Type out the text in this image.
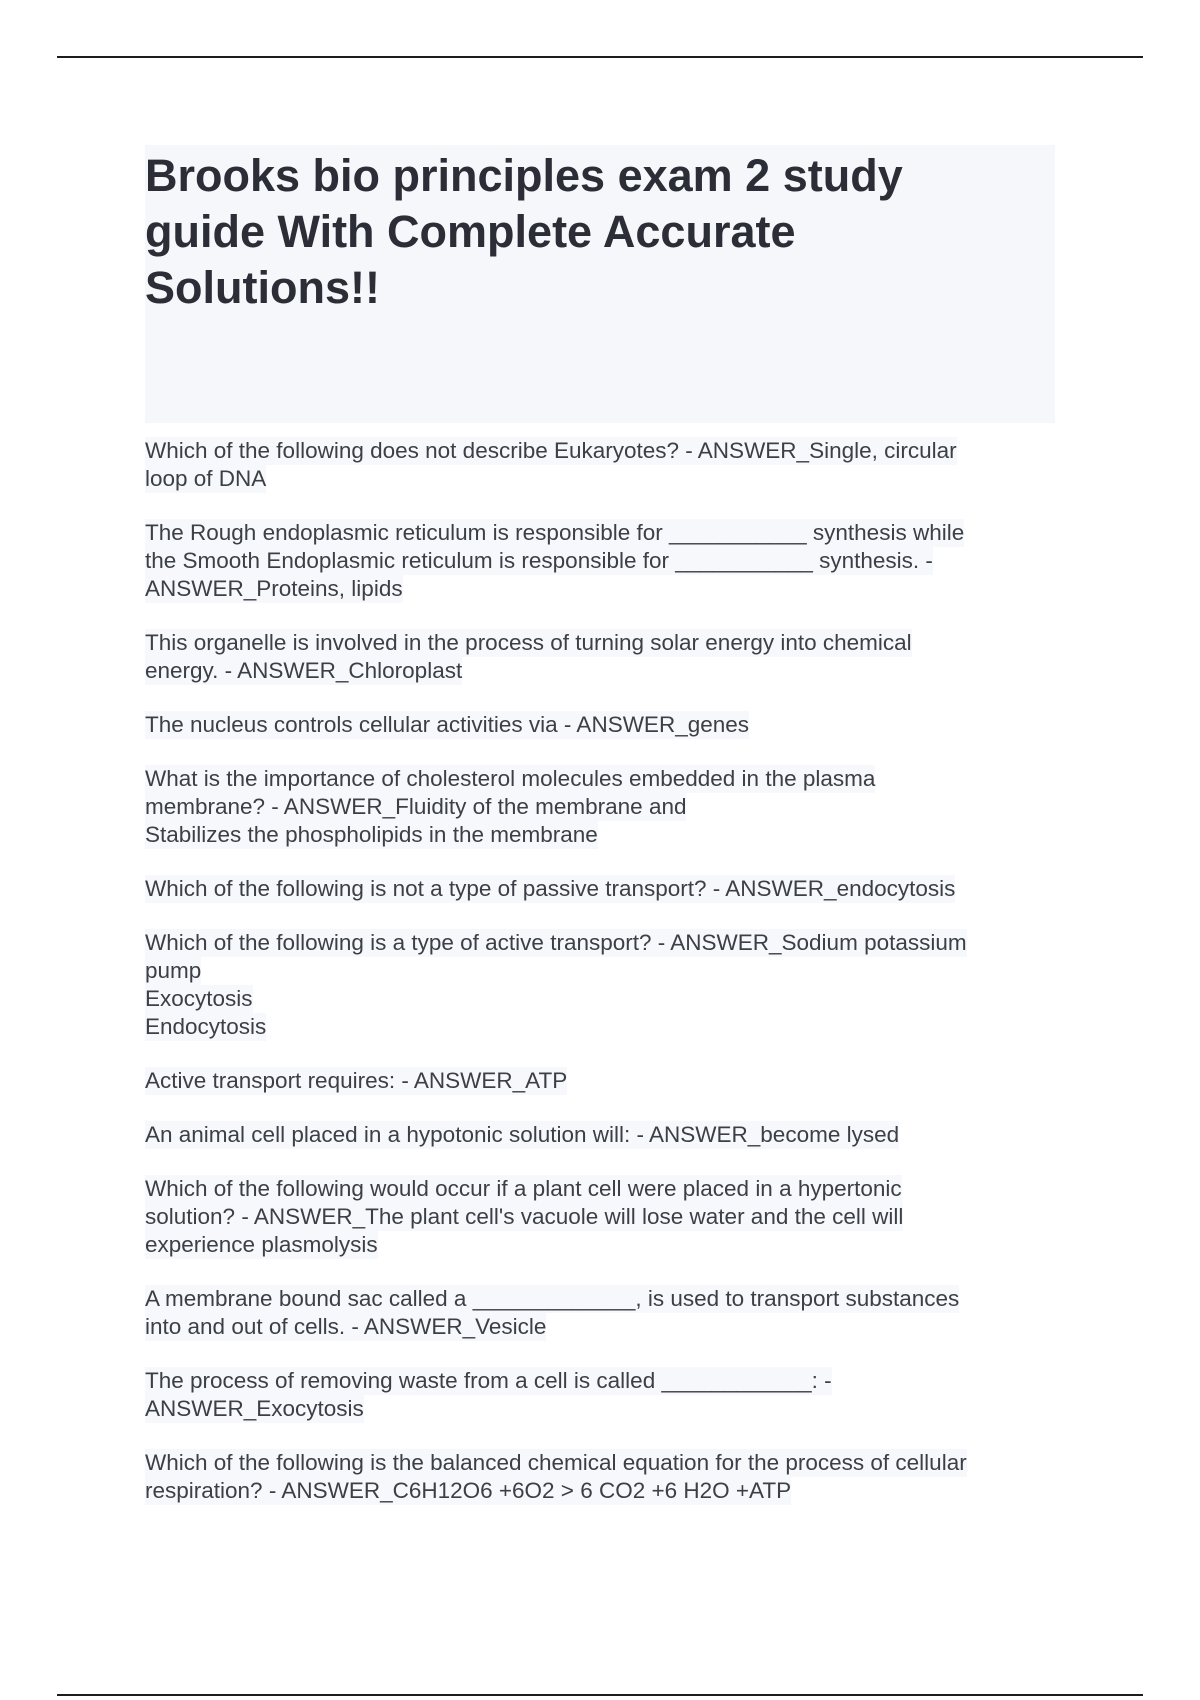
Brooks bio principles exam 2 study
guide With Complete Accurate
Solutions!!
Which of the following does not describe Eukaryotes? - ANSWER_Single, circular
loop of DNA
The Rough endoplasmic reticulum is responsible for ___________ synthesis while
the Smooth Endoplasmic reticulum is responsible for ___________ synthesis. -
ANSWER_Proteins, lipids
This organelle is involved in the process of turning solar energy into chemical
energy. - ANSWER_Chloroplast
The nucleus controls cellular activities via - ANSWER_genes
What is the importance of cholesterol molecules embedded in the plasma
membrane? - ANSWER_Fluidity of the membrane and
Stabilizes the phospholipids in the membrane
Which of the following is not a type of passive transport? - ANSWER_endocytosis
Which of the following is a type of active transport? - ANSWER_Sodium potassium
pump
Exocytosis
Endocytosis
Active transport requires: - ANSWER_ATP
An animal cell placed in a hypotonic solution will: - ANSWER_become lysed
Which of the following would occur if a plant cell were placed in a hypertonic
solution? - ANSWER_The plant cell's vacuole will lose water and the cell will
experience plasmolysis
A membrane bound sac called a _____________, is used to transport substances
into and out of cells. - ANSWER_Vesicle
The process of removing waste from a cell is called ____________: -
ANSWER_Exocytosis
Which of the following is the balanced chemical equation for the process of cellular
respiration? - ANSWER_C6H12O6 +6O2 > 6 CO2 +6 H2O +ATP
